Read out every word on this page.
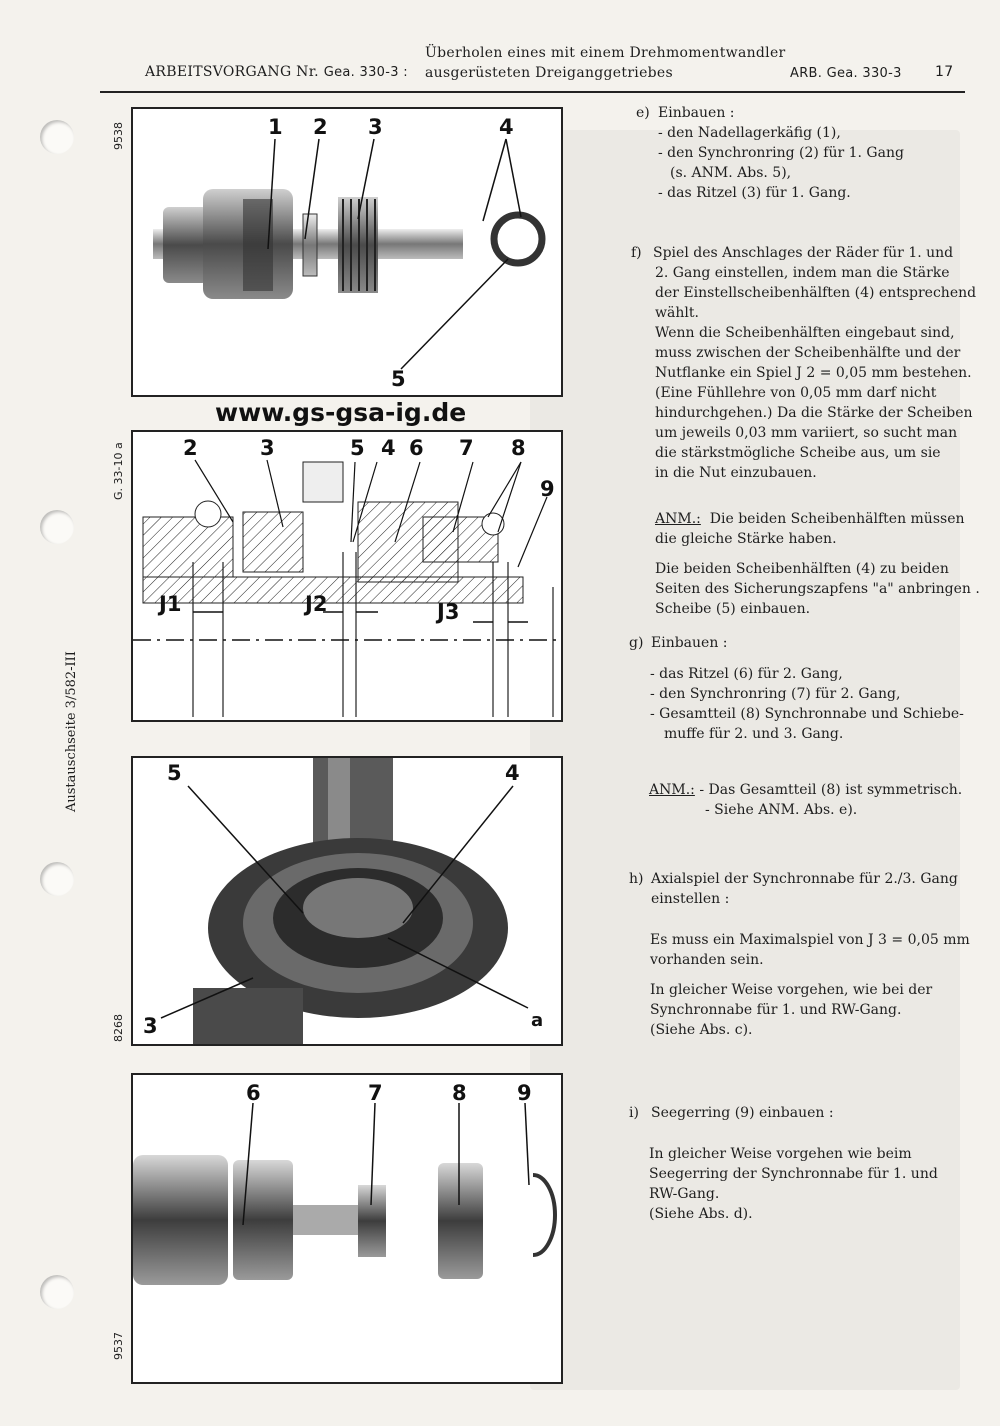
ARBEITSVORGANG Nr. Gea. 330-3 :
Überholen eines mit einem Drehmomentwandler
ausgerüsteten Dreiganggetriebes	ARB. Gea. 330-3 17
Austauschseite 3/582-III
9538	1 2 3	4
5
www.gs-gsa-ig.de
G. 33-10 a	2	3	5 4 6 7 8
9
J1	J2	J3
8268
5	4
3	a
9537
6	7	8 9

e) Einbauen :

- den Nadellagerkäfig (1),

- den Synchronring (2) für 1. Gang

(s. ANM. Abs. 5),

- das Ritzel (3) für 1. Gang.

f) Spiel des Anschlages der Räder für 1. und

2. Gang einstellen, indem man die Stärke

der Einstellscheibenhälften (4) entsprechend

wählt.

Wenn die Scheibenhälften eingebaut sind,

muss zwischen der Scheibenhälfte und der

Nutflanke ein Spiel J 2 = 0,05 mm bestehen.

(Eine Fühllehre von 0,05 mm darf nicht

hindurchgehen.) Da die Stärke der Scheiben

um jeweils 0,03 mm variiert, so sucht man

die stärkstmögliche Scheibe aus, um sie

in die Nut einzubauen.

ANM.: Die beiden Scheibenhälften müssen

die gleiche Stärke haben.

Die beiden Scheibenhälften (4) zu beiden

Seiten des Sicherungszapfens "a" anbringen .

Scheibe (5) einbauen.

g) Einbauen :

- das Ritzel (6) für 2. Gang,

- den Synchronring (7) für 2. Gang,

- Gesamtteil (8) Synchronnabe und Schiebe-

muffe für 2. und 3. Gang.

ANM.: - Das Gesamtteil (8) ist symmetrisch.

- Siehe ANM. Abs. e).

h) Axialspiel der Synchronnabe für 2./3. Gang

einstellen :

Es muss ein Maximalspiel von J 3 = 0,05 mm

vorhanden sein.

In gleicher Weise vorgehen, wie bei der

Synchronnabe für 1. und RW-Gang.

(Siehe Abs. c).

i) Seegerring (9) einbauen :

In gleicher Weise vorgehen wie beim

Seegerring der Synchronnabe für 1. und

RW-Gang.

(Siehe Abs. d).
